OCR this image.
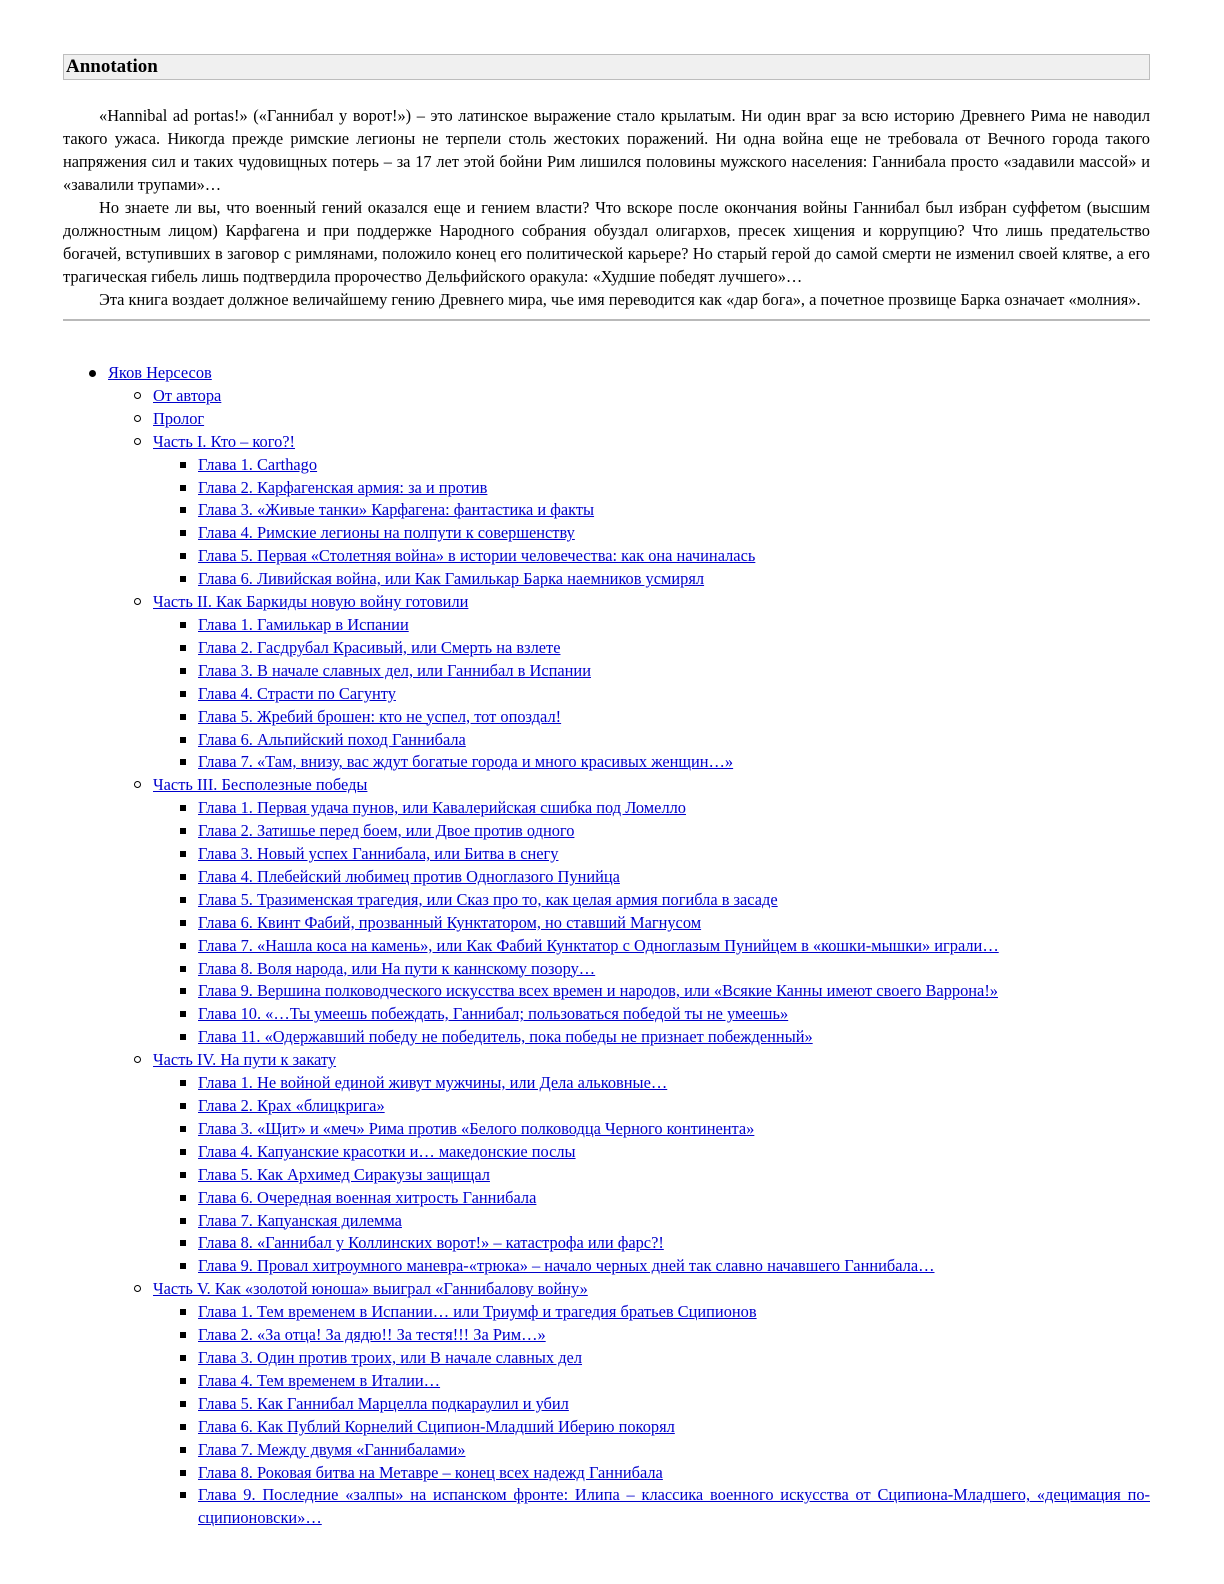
Annotation

«Hannibal ad portas!» («Ганнибал у ворот!») – это латинское выражение стало крылатым. Ни один враг за всю историю Древнего Рима не наводил такого ужаса. Никогда прежде римские легионы не терпели столь жестоких поражений. Ни одна война еще не требовала от Вечного города такого напряжения сил и таких чудовищных потерь – за 17 лет этой бойни Рим лишился половины мужского населения: Ганнибала просто «задавили массой» и «завалили трупами»…

Но знаете ли вы, что военный гений оказался еще и гением власти? Что вскоре после окончания войны Ганнибал был избран суффетом (высшим должностным лицом) Карфагена и при поддержке Народного собрания обуздал олигархов, пресек хищения и коррупцию? Что лишь предательство богачей, вступивших в заговор с римлянами, положило конец его политической карьере? Но старый герой до самой смерти не изменил своей клятве, а его трагическая гибель лишь подтвердила пророчество Дельфийского оракула: «Худшие победят лучшего»…

Эта книга воздает должное величайшему гению Древнего мира, чье имя переводится как «дар бога», а почетное прозвище Барка означает «молния».

Яков Нерсесов
От автора
Пролог
Часть I. Кто – кого?!
Глава 1. Carthago
Глава 2. Карфагенская армия: за и против
Глава 3. «Живые танки» Карфагена: фантастика и факты
Глава 4. Римские легионы на полпути к совершенству
Глава 5. Первая «Столетняя война» в истории человечества: как она начиналась
Глава 6. Ливийская война, или Как Гамилькар Барка наемников усмирял
Часть II. Как Баркиды новую войну готовили
Глава 1. Гамилькар в Испании
Глава 2. Гасдрубал Красивый, или Смерть на взлете
Глава 3. В начале славных дел, или Ганнибал в Испании
Глава 4. Страсти по Сагунту
Глава 5. Жребий брошен: кто не успел, тот опоздал!
Глава 6. Альпийский поход Ганнибала
Глава 7. «Там, внизу, вас ждут богатые города и много красивых женщин…»
Часть III. Бесполезные победы
Глава 1. Первая удача пунов, или Кавалерийская сшибка под Ломелло
Глава 2. Затишье перед боем, или Двое против одного
Глава 3. Новый успех Ганнибала, или Битва в снегу
Глава 4. Плебейский любимец против Одноглазого Пунийца
Глава 5. Тразименская трагедия, или Сказ про то, как целая армия погибла в засаде
Глава 6. Квинт Фабий, прозванный Кунктатором, но ставший Магнусом
Глава 7. «Нашла коса на камень», или Как Фабий Кунктатор с Одноглазым Пунийцем в «кошки-мышки» играли…
Глава 8. Воля народа, или На пути к каннскому позору…
Глава 9. Вершина полководческого искусства всех времен и народов, или «Всякие Канны имеют своего Варрона!»
Глава 10. «…Ты умеешь побеждать, Ганнибал; пользоваться победой ты не умеешь»
Глава 11. «Одержавший победу не победитель, пока победы не признает побежденный»
Часть IV. На пути к закату
Глава 1. Не войной единой живут мужчины, или Дела альковные…
Глава 2. Крах «блицкрига»
Глава 3. «Щит» и «меч» Рима против «Белого полководца Черного континента»
Глава 4. Капуанские красотки и… македонские послы
Глава 5. Как Архимед Сиракузы защищал
Глава 6. Очередная военная хитрость Ганнибала
Глава 7. Капуанская дилемма
Глава 8. «Ганнибал у Коллинских ворот!» – катастрофа или фарс?!
Глава 9. Провал хитроумного маневра-«трюка» – начало черных дней так славно начавшего Ганнибала…
Часть V. Как «золотой юноша» выиграл «Ганнибалову войну»
Глава 1. Тем временем в Испании… или Триумф и трагедия братьев Сципионов
Глава 2. «За отца! За дядю!! За тестя!!! За Рим…»
Глава 3. Один против троих, или В начале славных дел
Глава 4. Тем временем в Италии…
Глава 5. Как Ганнибал Марцелла подкараулил и убил
Глава 6. Как Публий Корнелий Сципион-Младший Иберию покорял
Глава 7. Между двумя «Ганнибалами»
Глава 8. Роковая битва на Метавре – конец всех надежд Ганнибала
Глава 9. Последние «залпы» на испанском фронте: Илипа – классика военного искусства от Сципиона-Младшего, «децимация по-сципионовски»…
